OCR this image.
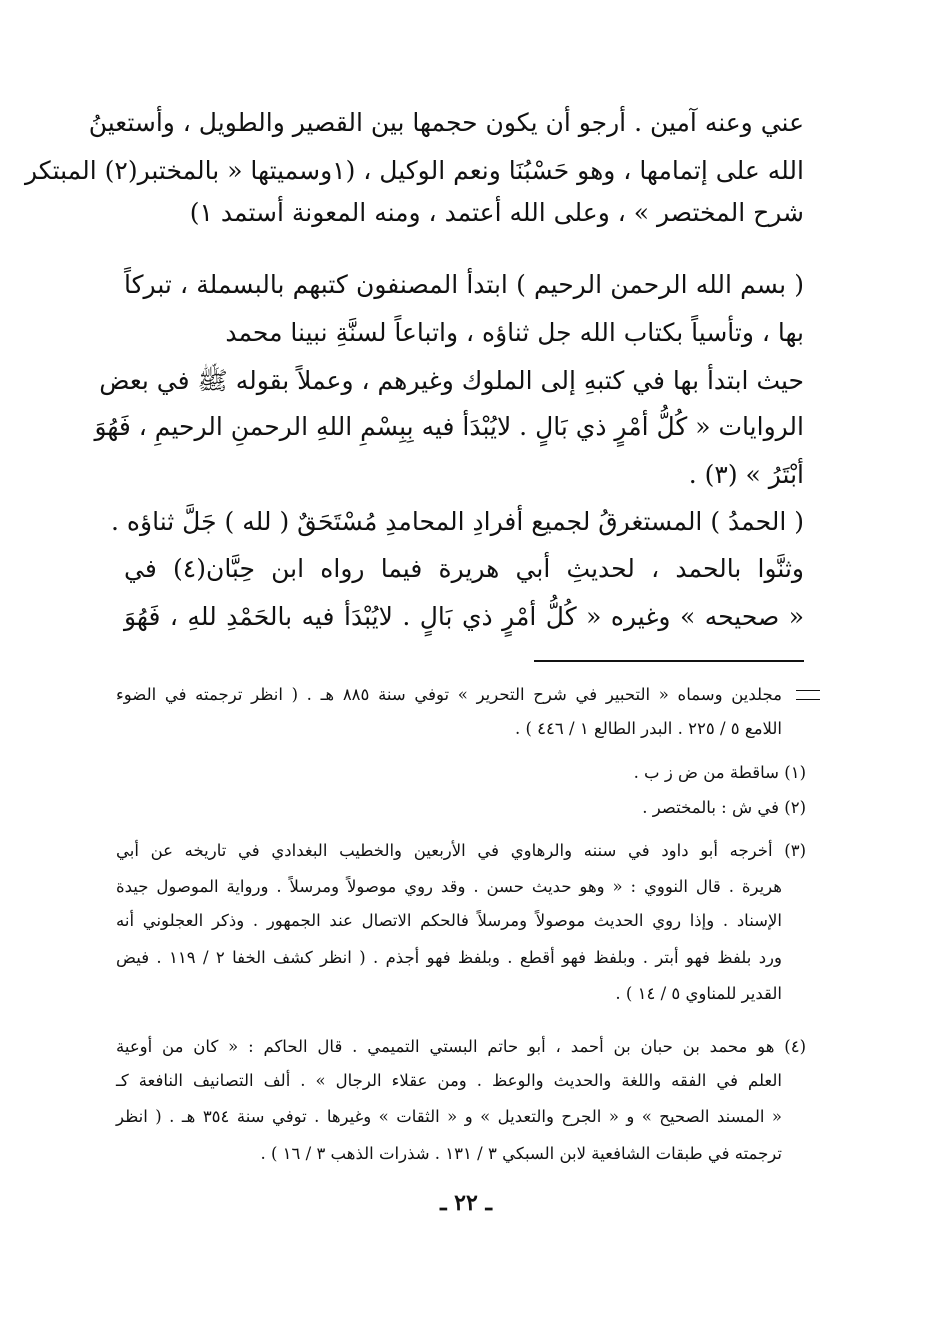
عني وعنه آمين . أرجو أن يكون حجمها بين القصير والطويل ، وأستعينُ
الله على إتمامها ، وهو حَسْبُنَا ونعم الوكيل ، (١وسميتها « بالمختبر(٢) المبتكر
شرح المختصر » ، وعلى الله أعتمد ، ومنه المعونة أستمد ١)
( بسم الله الرحمن الرحيم ) ابتدأ المصنفون كتبهم بالبسملة ، تبركاً
بها ، وتأسياً بكتاب الله جل ثناؤه ، واتباعاً لسنَّةِ نبينا محمد
حيث ابتدأ بها في كتبهِ إلى الملوك وغيرهم ، وعملاً بقوله ﷺ في بعض
الروايات « كُلُّ أمْرٍ ذي بَالٍ . لايُبْدَأ فيه بِبِسْمِ اللهِ الرحمنِ الرحيمِ ، فَهُوَ
أبْتَرُ » (٣) .
( الحمدُ ) المستغرقُ لجميع أفرادِ المحامدِ مُسْتَحَقٌ ( لله ) جَلَّ ثناؤه .
وثنَّوا بالحمد ، لحديثِ أبي هريرة فيما رواه ابن حِبَّان(٤) في
« صحيحه » وغيره « كُلُّ أمْرٍ ذي بَالٍ . لايُبْدَأ فيه بالحَمْدِ للهِ ، فَهُوَ
مجلدين وسماه « التحبير في شرح التحرير » توفي سنة ٨٨٥ هـ . ( انظر ترجمته في الضوء
اللامع ٥ / ٢٢٥ . البدر الطالع ١ / ٤٤٦ ) .
(١) ساقطة من ض ز ب .
(٢) في ش : بالمختصر .
(٣) أخرجه أبو داود في سننه والرهاوي في الأربعين والخطيب البغدادي في تاريخه عن أبي
هريرة . قال النووي : « وهو حديث حسن . وقد روي موصولاً ومرسلاً . ورواية الموصول جيدة
الإسناد . وإذا روي الحديث موصولاً ومرسلاً فالحكم الاتصال عند الجمهور . وذكر العجلوني أنه
ورد بلفظ فهو أبتر . وبلفظ فهو أقطع . وبلفظ فهو أجذم . ( انظر كشف الخفا ٢ / ١١٩ . فيض
القدير للمناوي ٥ / ١٤ ) .
(٤) هو محمد بن حبان بن أحمد ، أبو حاتم البستي التميمي . قال الحاكم : « كان من أوعية
العلم في الفقه واللغة والحديث والوعظ . ومن عقلاء الرجال » . ألف التصانيف النافعة كـ
« المسند الصحيح » و « الجرح والتعديل » و « الثقات » وغيرها . توفي سنة ٣٥٤ هـ . ( انظر
ترجمته في طبقات الشافعية لابن السبكي ٣ / ١٣١ . شذرات الذهب ٣ / ١٦ ) .
ـ ٢٢ ـ
